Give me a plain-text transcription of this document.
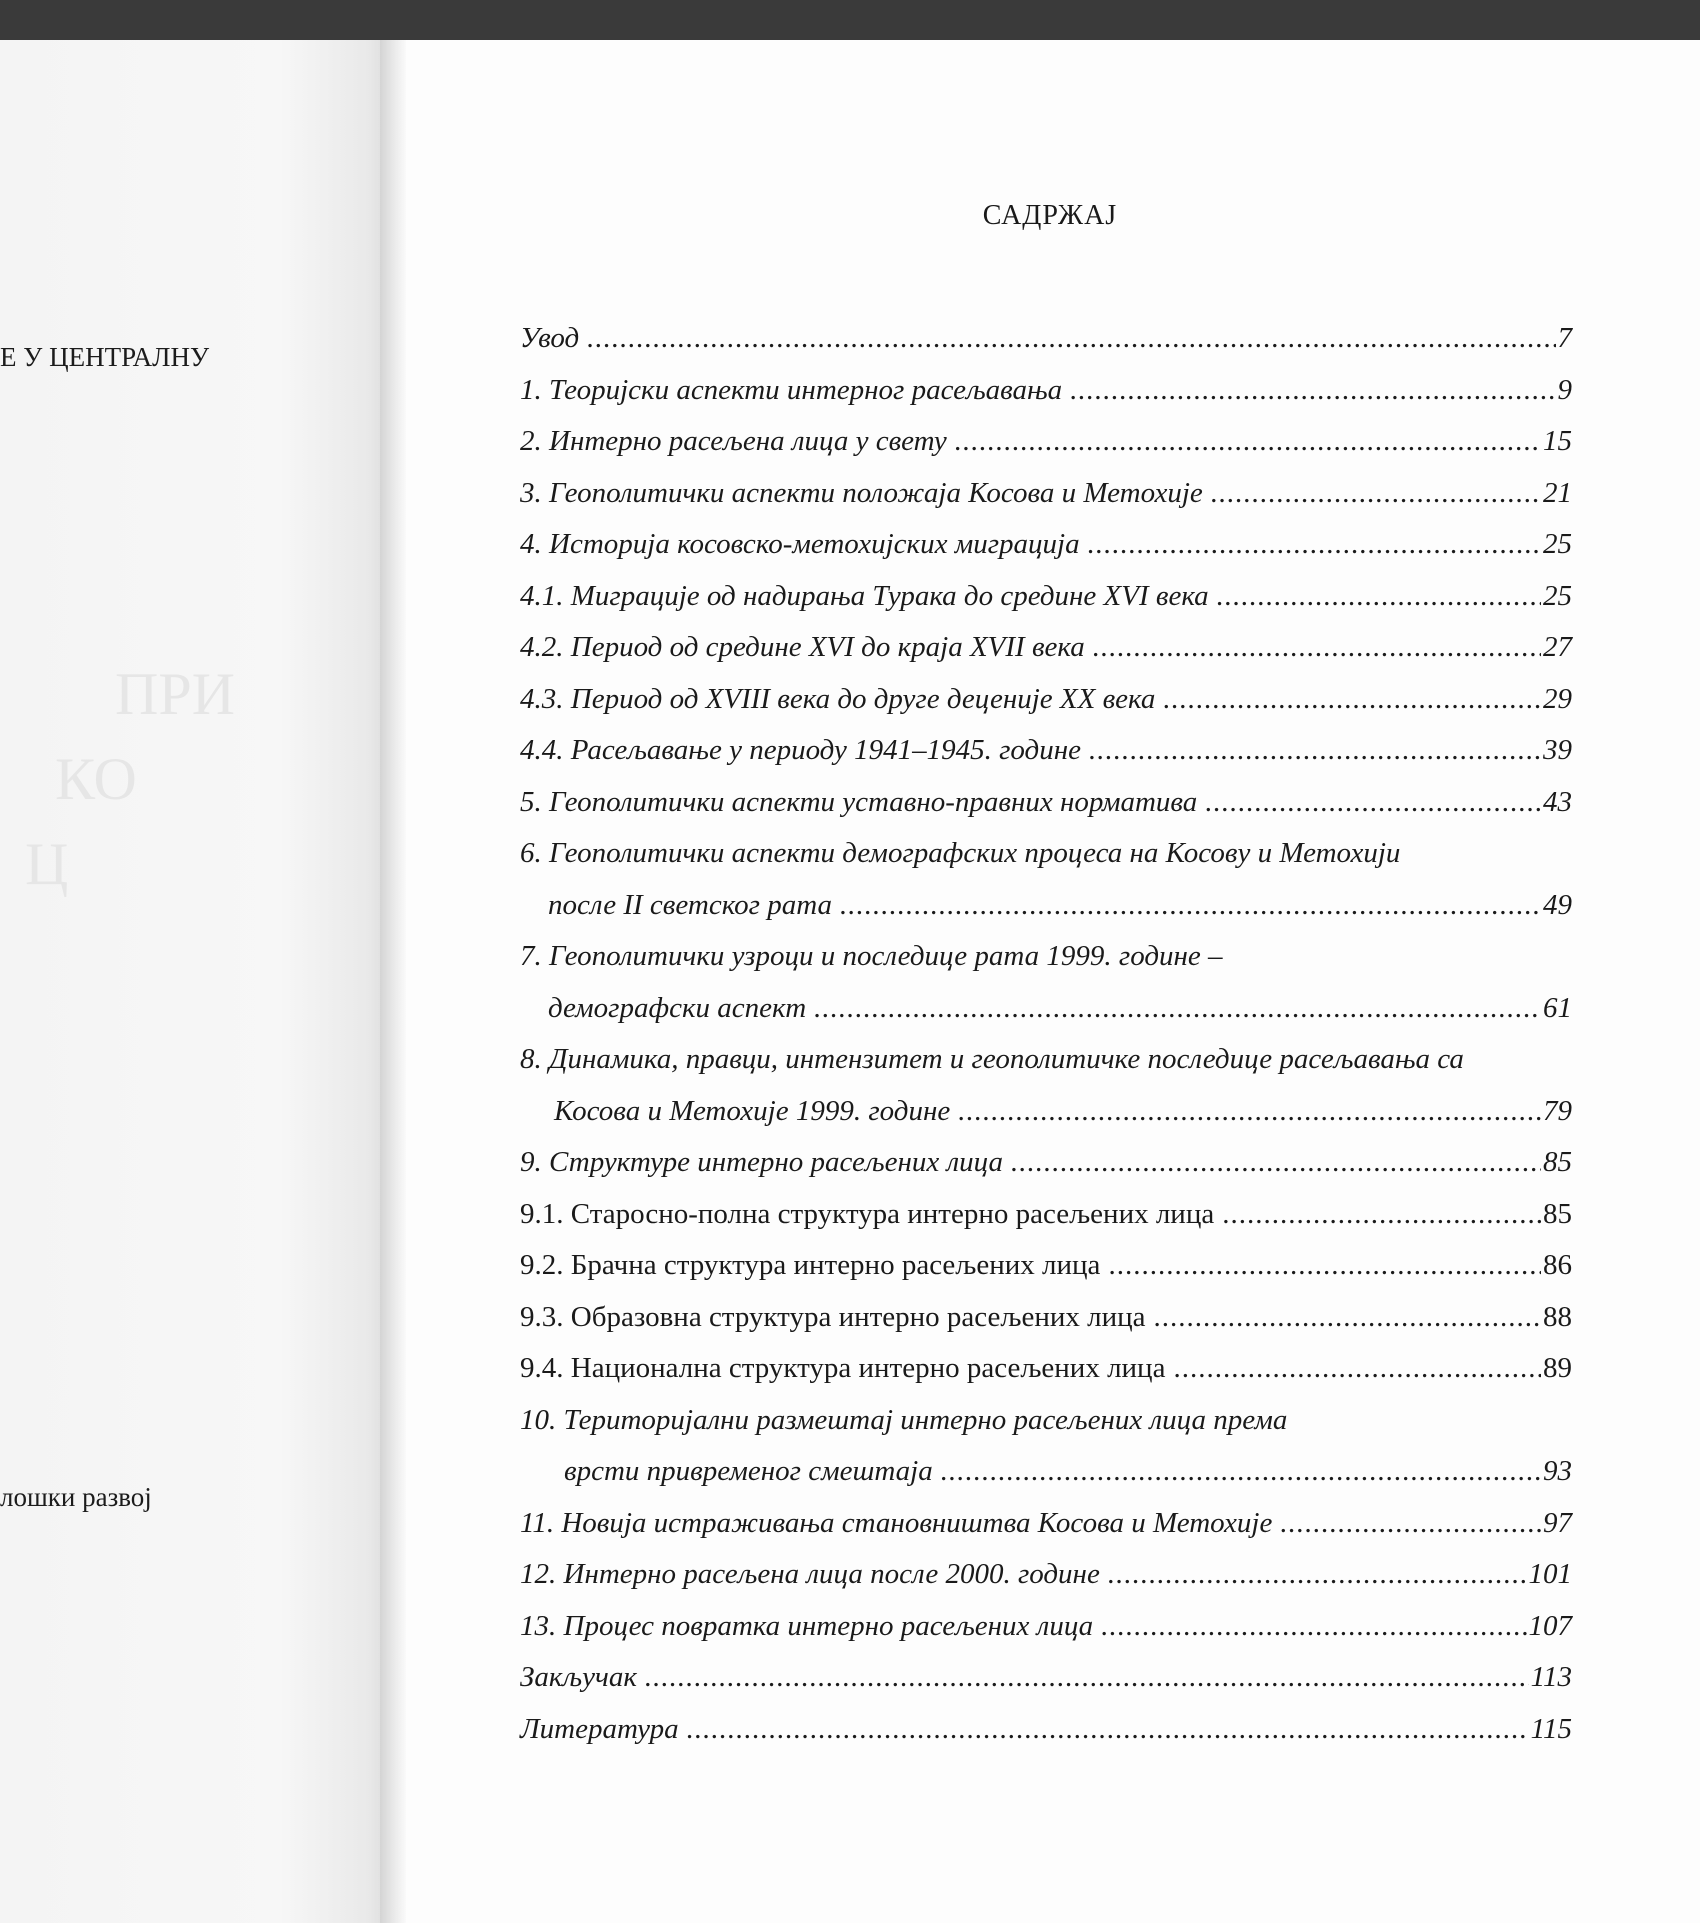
ПРИ
КО
Ц
Е У ЦЕНТРАЛНУ
лошки развој
САДРЖАЈ
Увод .....	7
1. Теоријски аспекти интерног расељавања .....	9
2. Интерно расељена лица у свету .....	15
3. Геополитички аспекти положаја Косова и Метохије .....	21
4. Историја косовско-метохијских миграција .....	25
4.1. Миграције од надирања Турака до средине XVI века .....	25
4.2. Период од средине XVI до краја XVII века .....	27
4.3. Период од XVIII века до друге деценије XX века .....	29
4.4. Расељавање у периоду 1941–1945. године .....	39
5. Геополитички аспекти уставно-правних норматива .....	43
6. Геополитички аспекти демографских процеса на Косову и Метохији
после II светског рата .....	49
7. Геополитички узроци и последице рата 1999. године –
демографски аспект .....	61
8. Динамика, правци, интензитет и геополитичке последице расељавања са
Косова и Метохије 1999. године .....	79
9. Структуре интерно расељених лица .....	85
9.1. Старосно-полна структура интерно расељених лица .....	85
9.2. Брачна структура интерно расељених лица .....	86
9.3. Образовна структура интерно расељених лица .....	88
9.4. Национална структура интерно расељених лица .....	89
10. Територијални размештај интерно расељених лица према
врсти привременог смештаја .....	93
11. Новија истраживања становништва Косова и Метохије .....	97
12. Интерно расељена лица после 2000. године .....	101
13. Процес повратка интерно расељених лица .....	107
Закључак .....	113
Литература .....	115
